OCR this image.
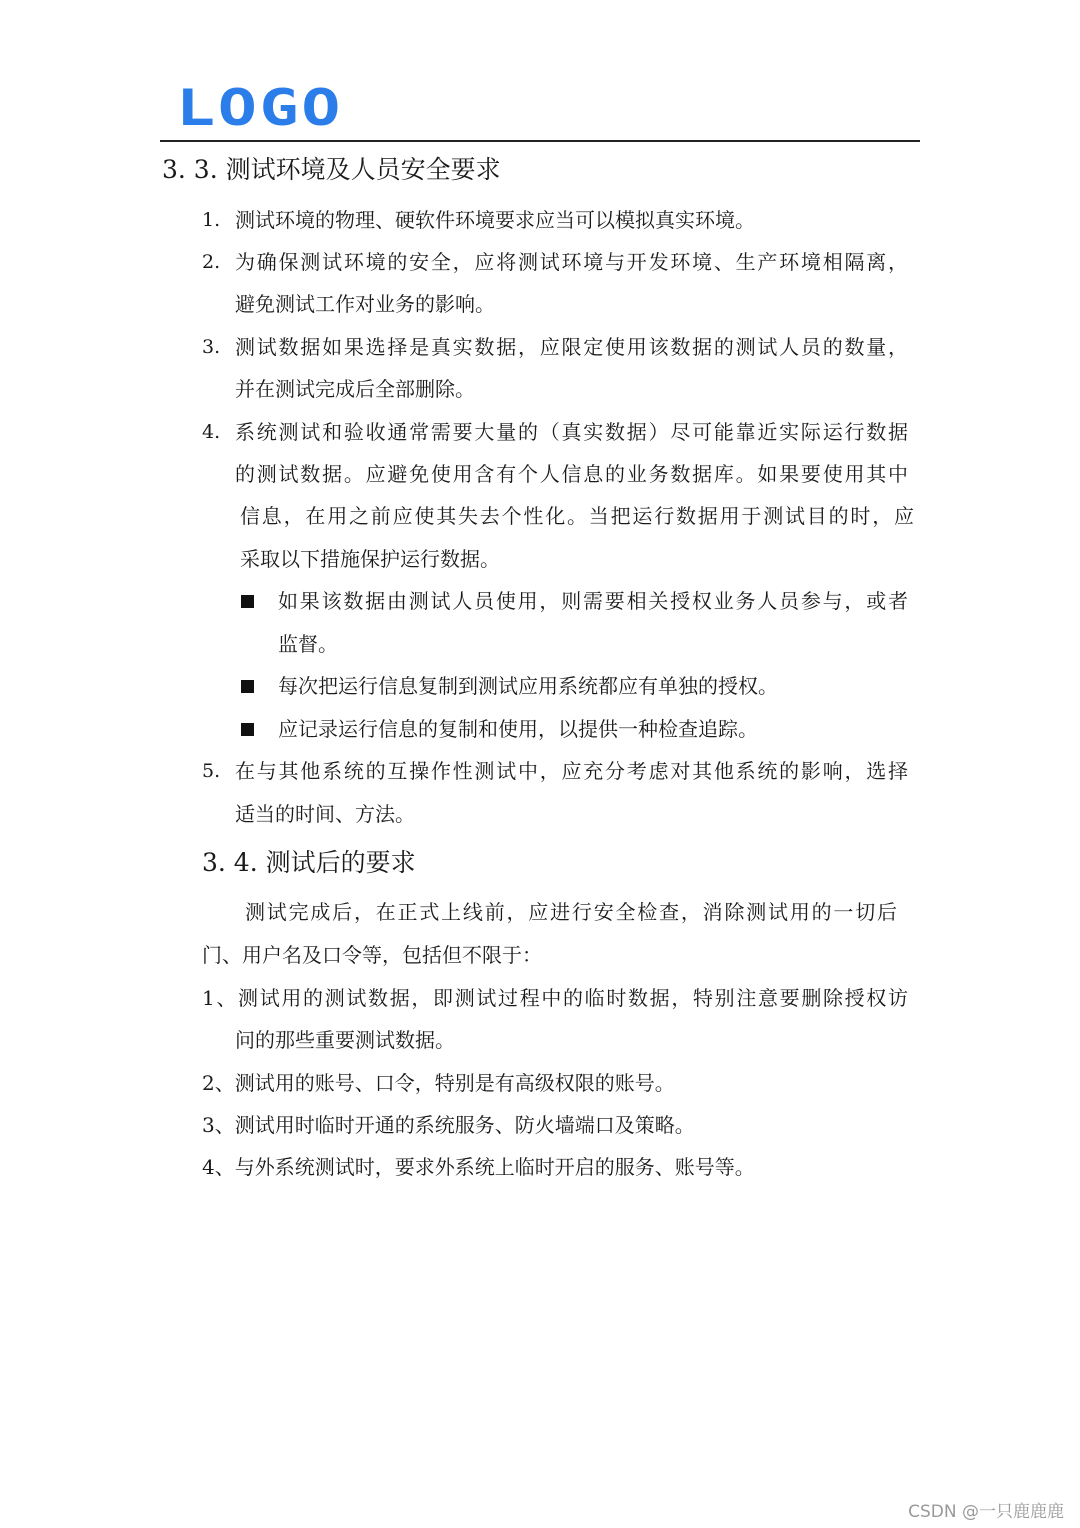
LOGO
3. 3. 测试环境及人员安全要求
1. 测试环境的物理、硬软件环境要求应当可以模拟真实环境。
2. 为确保测试环境的安全，应将测试环境与开发环境、生产环境相隔离，
避免测试工作对业务的影响。
3. 测试数据如果选择是真实数据，应限定使用该数据的测试人员的数量，
并在测试完成后全部删除。
4. 系统测试和验收通常需要大量的（真实数据）尽可能靠近实际运行数据
的测试数据。应避免使用含有个人信息的业务数据库。如果要使用其中
信息，在用之前应使其失去个性化。当把运行数据用于测试目的时，应
采取以下措施保护运行数据。
如果该数据由测试人员使用，则需要相关授权业务人员参与，或者
监督。
每次把运行信息复制到测试应用系统都应有单独的授权。
应记录运行信息的复制和使用，以提供一种检查追踪。
5. 在与其他系统的互操作性测试中，应充分考虑对其他系统的影响，选择
适当的时间、方法。
3. 4. 测试后的要求
测试完成后，在正式上线前，应进行安全检查，消除测试用的一切后
门、用户名及口令等，包括但不限于：
1、测试用的测试数据，即测试过程中的临时数据，特别注意要删除授权访
问的那些重要测试数据。
2、测试用的账号、口令，特别是有高级权限的账号。
3、测试用时临时开通的系统服务、防火墙端口及策略。
4、与外系统测试时，要求外系统上临时开启的服务、账号等。
CSDN @一只鹿鹿鹿
